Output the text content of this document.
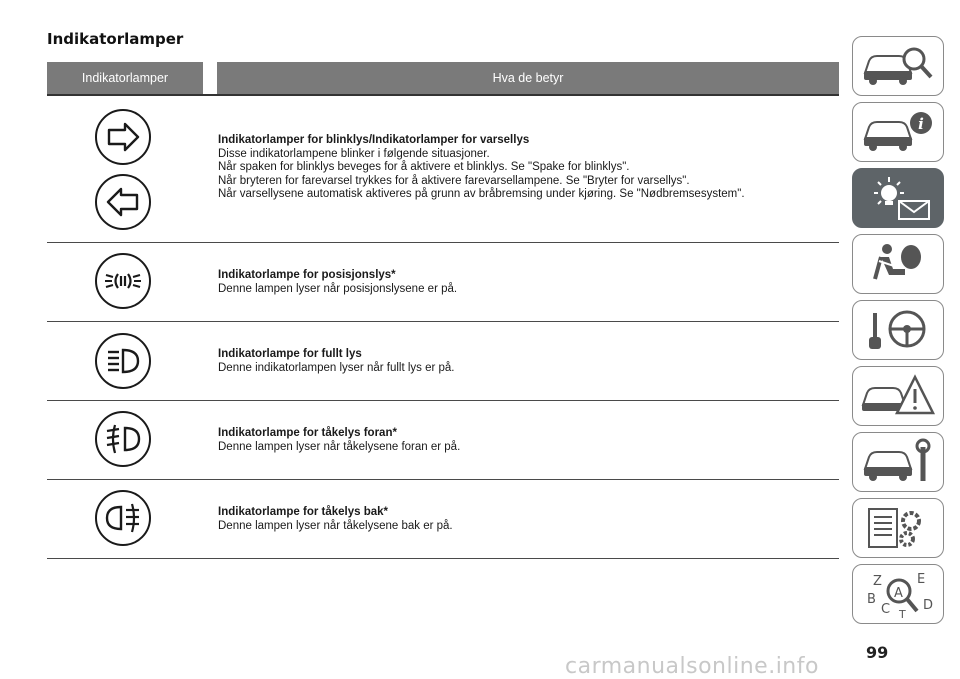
Indikatorlamper
Indikatorlamper	Hva de betyr
Indikatorlamper for blinklys/Indikatorlamper for varsellys
Disse indikatorlampene blinker i følgende situasjoner.
Når spaken for blinklys beveges for å aktivere et blinklys. Se "Spake for blinklys".
Når bryteren for farevarsel trykkes for å aktivere farevarsellampene. Se "Bryter for varsellys".
Når varsellysene automatisk aktiveres på grunn av bråbremsing under kjøring. Se "Nødbremsesystem".
Indikatorlampe for posisjonslys*
Denne lampen lyser når posisjonslysene er på.
Indikatorlampe for fullt lys
Denne indikatorlampen lyser når fullt lys er på.
Indikatorlampe for tåkelys foran*
Denne lampen lyser når tåkelysene foran er på.
Indikatorlampe for tåkelys bak*
Denne lampen lyser når tåkelysene bak er på.
i
Z	E
B A
C	D
T
carmanualsonline.info
99
